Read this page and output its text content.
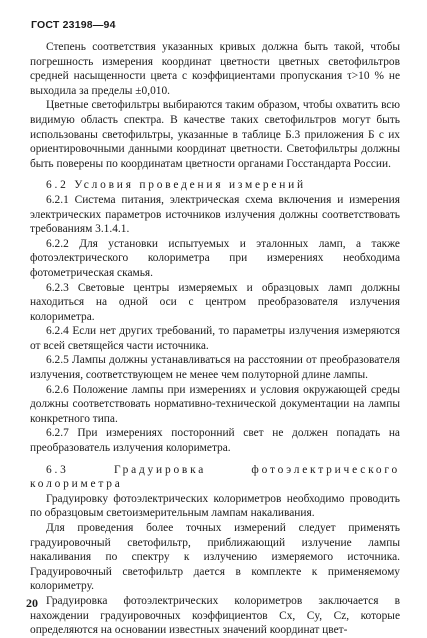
ГОСТ 23198—94

Степень соответствия указанных кривых должна быть такой, чтобы погрешность измерения координат цветности цветных светофильтров средней насыщенности цвета с коэффициентами пропускания τ>10 % не выходила за пределы ±0,010.

Цветные светофильтры выбираются таким образом, чтобы охватить всю видимую область спектра. В качестве таких светофильтров могут быть использованы светофильтры, указанные в таблице Б.3 приложения Б с их ориентировочными данными координат цветности. Светофильтры должны быть поверены по координатам цветности органами Госстандарта России.

6.2 Условия проведения измерений

6.2.1 Система питания, электрическая схема включения и измерения электрических параметров источников излучения должны соответствовать требованиям 3.1.4.1.

6.2.2 Для установки испытуемых и эталонных ламп, а также фотоэлектрического колориметра при измерениях необходима фотометрическая скамья.

6.2.3 Световые центры измеряемых и образцовых ламп должны находиться на одной оси с центром преобразователя излучения колориметра.

6.2.4 Если нет других требований, то параметры излучения измеряются от всей светящейся части источника.

6.2.5 Лампы должны устанавливаться на расстоянии от преобразователя излучения, соответствующем не менее чем полуторной длине лампы.

6.2.6 Положение лампы при измерениях и условия окружающей среды должны соответствовать нормативно-технической документации на лампы конкретного типа.

6.2.7 При измерениях посторонний свет не должен попадать на преобразователь излучения колориметра.

6.3 Градуировка фотоэлектрического колориметра

Градуировку фотоэлектрических колориметров необходимо проводить по образцовым светоизмерительным лампам накаливания.

Для проведения более точных измерений следует применять градуировочный светофильтр, приближающий излучение лампы накаливания по спектру к излучению измеряемого источника. Градуировочный светофильтр дается в комплекте к применяемому колориметру.

Градуировка фотоэлектрических колориметров заключается в нахождении градуировочных коэффициентов Cx, Cy, Cz, которые определяются на основании известных значений координат цвет-

20
